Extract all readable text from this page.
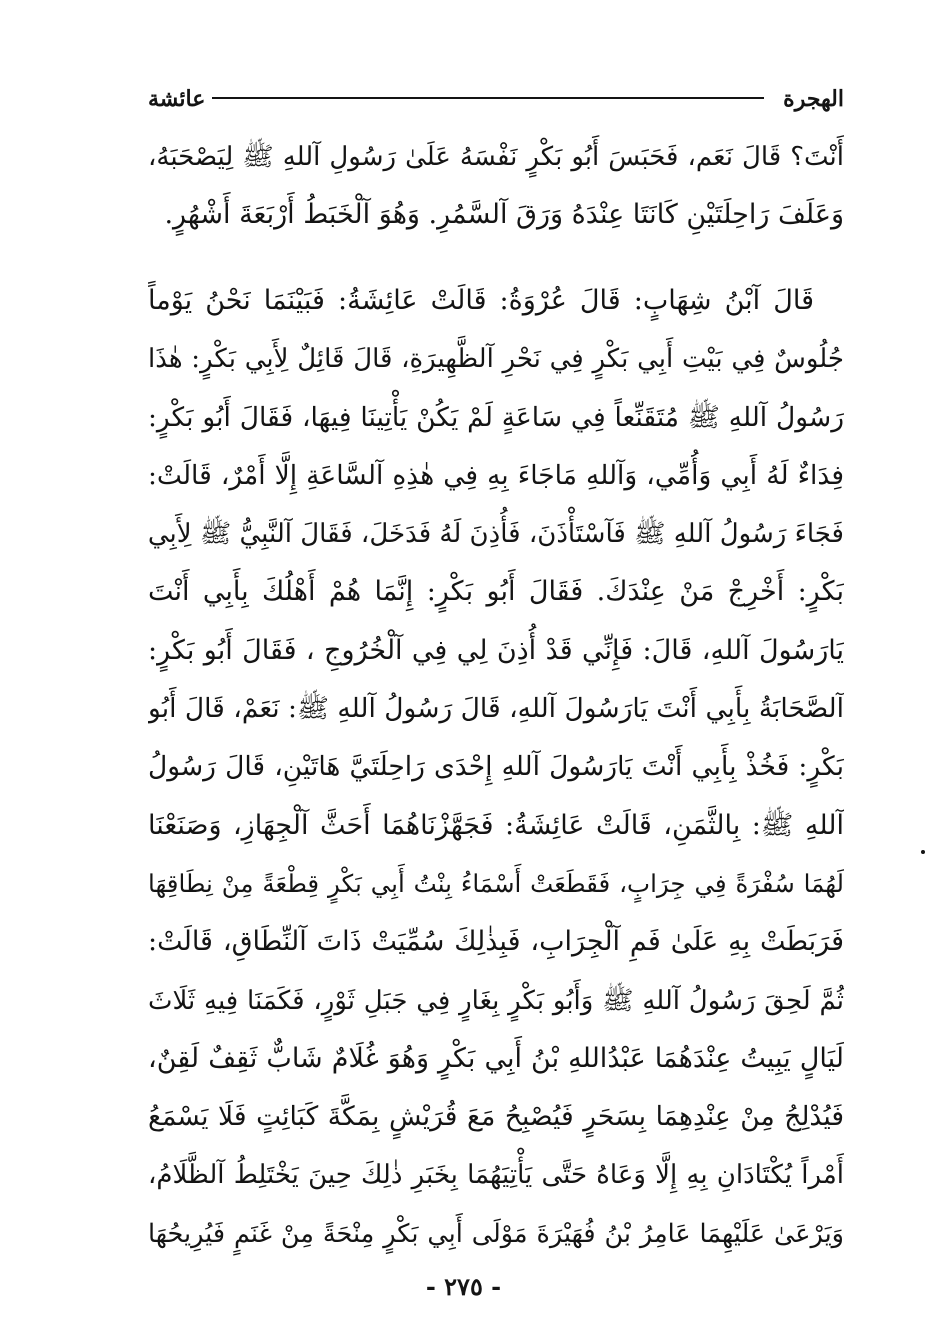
الهجرة
عائشة
أَنْتَ؟ قَالَ نَعَم، فَحَبَسَ أَبُو بَكْرٍ نَفْسَهُ عَلَىٰ رَسُولِ آللهِ ﷺ لِيَصْحَبَهُ،
وَعَلَفَ رَاحِلَتَيْنِ كَانَتَا عِنْدَهُ وَرَقَ آلسَّمُرِ. وَهُوَ آلْخَبَطُ أَرْبَعَةَ أَشْهُرٍ.
قَالَ آبْنُ شِهَابٍ: قَالَ عُرْوَةُ: قَالَتْ عَائِشَةُ: فَبَيْنَمَا نَحْنُ يَوْماً
جُلُوسٌ فِي بَيْتِ أَبِي بَكْرٍ فِي نَحْرِ آلظَّهِيرَةِ، قَالَ قَائِلٌ لِأَبِي بَكْرٍ: هٰذَا
رَسُولُ آللهِ ﷺ مُتَقَنِّعاً فِي سَاعَةٍ لَمْ يَكُنْ يَأْتِينَا فِيهَا، فَقَالَ أَبُو بَكْرٍ:
فِدَاءٌ لَهُ أَبِي وَأُمِّي، وَآللهِ مَاجَاءَ بِهِ فِي هٰذِهِ آلسَّاعَةِ إِلَّا أَمْرٌ، قَالَتْ:
فَجَاءَ رَسُولُ آللهِ ﷺ فَآسْتَأْذَنَ، فَأُذِنَ لَهُ فَدَخَلَ، فَقَالَ آلنَّبِيُّ ﷺ لِأَبِي
بَكْرٍ: أَخْرِجْ مَنْ عِنْدَكَ. فَقَالَ أَبُو بَكْرٍ: إِنَّمَا هُمْ أَهْلُكَ بِأَبِي أَنْتَ
يَارَسُولَ آللهِ، قَالَ: فَإِنِّي قَدْ أُذِنَ لِي فِي آلْخُرُوجِ ، فَقَالَ أَبُو بَكْرٍ:
آلصَّحَابَةُ بِأَبِي أَنْتَ يَارَسُولَ آللهِ، قَالَ رَسُولُ آللهِ ﷺ: نَعَمْ، قَالَ أَبُو
بَكْرٍ: فَخُذْ بِأَبِي أَنْتَ يَارَسُولَ آللهِ إِحْدَى رَاحِلَتَيَّ هَاتَيْنِ، قَالَ رَسُولُ
آللهِ ﷺ: بِالثَّمَنِ، قَالَتْ عَائِشَةُ: فَجَهَّزْنَاهُمَا أَحَثَّ آلْجِهَازِ، وَصَنَعْنَا
لَهُمَا سُفْرَةً فِي جِرَابٍ، فَقَطَعَتْ أَسْمَاءُ بِنْتُ أَبِي بَكْرٍ قِطْعَةً مِنْ نِطَاقِهَا
فَرَبَطَتْ بِهِ عَلَىٰ فَمِ آلْجِرَابِ، فَبِذٰلِكَ سُمِّيَتْ ذَاتَ آلنِّطَاقِ، قَالَتْ:
ثُمَّ لَحِقَ رَسُولُ آللهِ ﷺ وَأَبُو بَكْرٍ بِغَارٍ فِي جَبَلِ ثَوْرٍ، فَكَمَنَا فِيهِ ثَلَاثَ
لَيَالٍ يَبِيتُ عِنْدَهُمَا عَبْدُاللهِ بْنُ أَبِي بَكْرٍ وَهُوَ غُلَامٌ شَابٌّ ثَقِفٌ لَقِنٌ،
فَيُدْلِجُ مِنْ عِنْدِهِمَا بِسَحَرٍ فَيُصْبِحُ مَعَ قُرَيْشٍ بِمَكَّةَ كَبَائِتٍ فَلَا يَسْمَعُ
أَمْراً يُكْتَادَانِ بِهِ إِلَّا وَعَاهُ حَتَّى يَأْتِيَهُمَا بِخَبَرِ ذٰلِكَ حِينَ يَخْتَلِطُ آلظَّلَامُ،
وَيَرْعَىٰ عَلَيْهِمَا عَامِرُ بْنُ فُهَيْرَةَ مَوْلَى أَبِي بَكْرٍ مِنْحَةً مِنْ غَنَمٍ فَيُرِيحُهَا
- ٢٧٥ -
